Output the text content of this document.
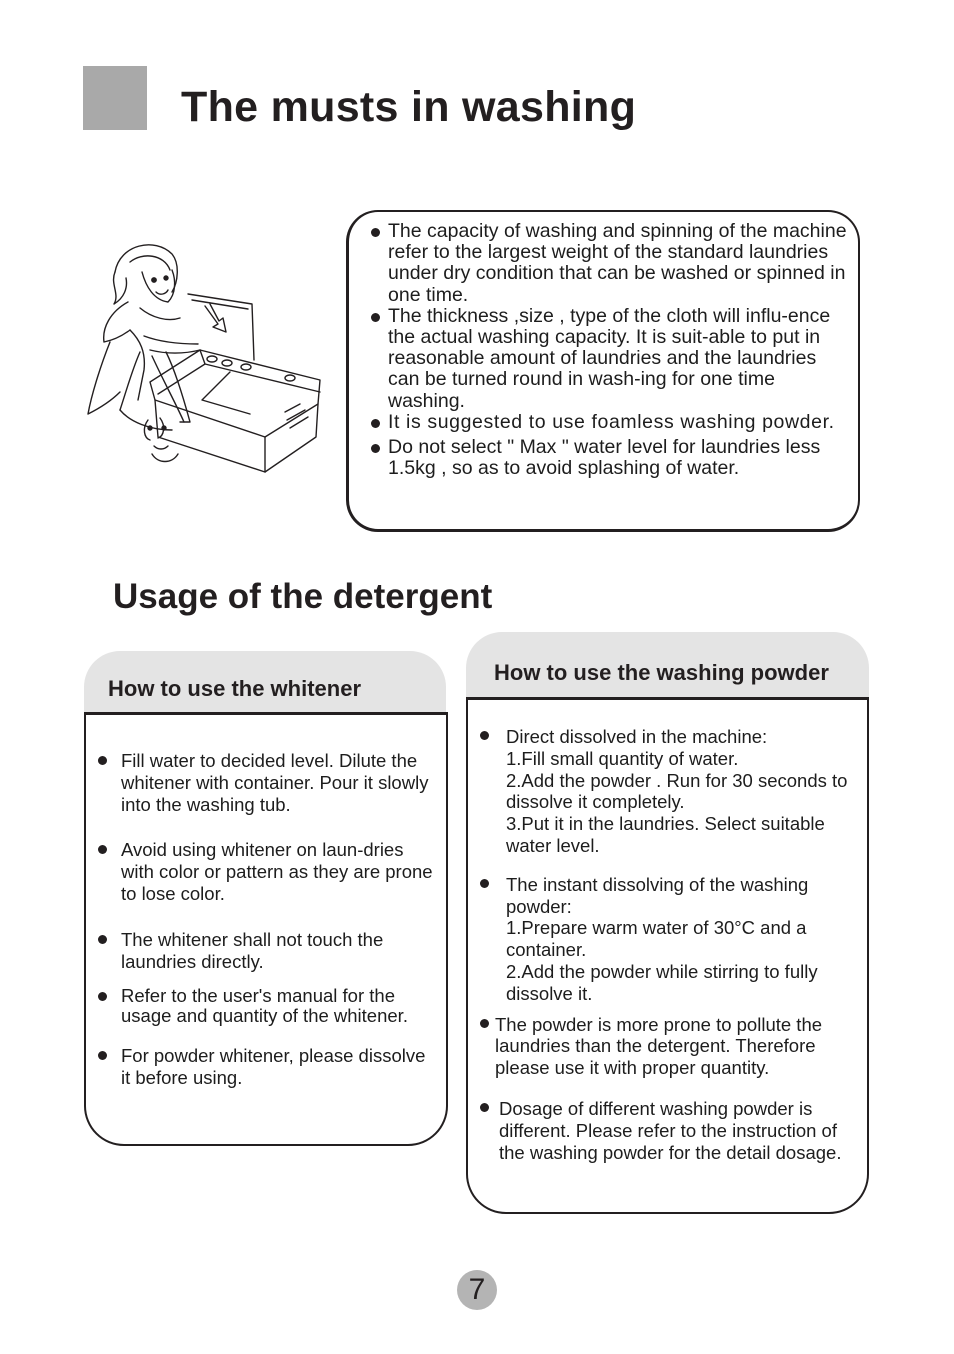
The musts in washing
The capacity of washing and spinning of the machine refer to the largest weight of the standard laundries under dry condition that can be washed or spinned in one time.
The thickness ,size , type of the cloth will influ-ence the actual washing capacity. It is suit-able to put in reasonable amount of laundries and the laundries can be turned round in wash-ing for one time washing.
It is suggested to use foamless washing powder.
Do not select " Max " water level for laundries less 1.5kg , so as to avoid splashing of water.
Usage of the detergent
How to use the whitener
Fill water to decided level. Dilute the whitener with container. Pour it slowly into the washing tub.
Avoid using whitener on laun-dries with color or pattern as they are prone to lose color.
The whitener shall not touch the laundries directly.
Refer to the user's manual for the usage and quantity of the whitener.
For powder whitener, please dissolve it before using.
How to use the washing powder
Direct dissolved in the machine:
1.Fill small quantity of water.
2.Add the powder . Run for 30 seconds to dissolve it completely.
3.Put it in the laundries. Select suitable water level.
The instant dissolving of the washing powder:
1.Prepare warm water of 30°C and a container.
2.Add the powder while stirring to fully dissolve it.
The powder is more prone to pollute the laundries than the detergent. Therefore please use it with proper quantity.
Dosage of different washing powder is different. Please refer to the instruction of the washing powder for the detail dosage.
7
